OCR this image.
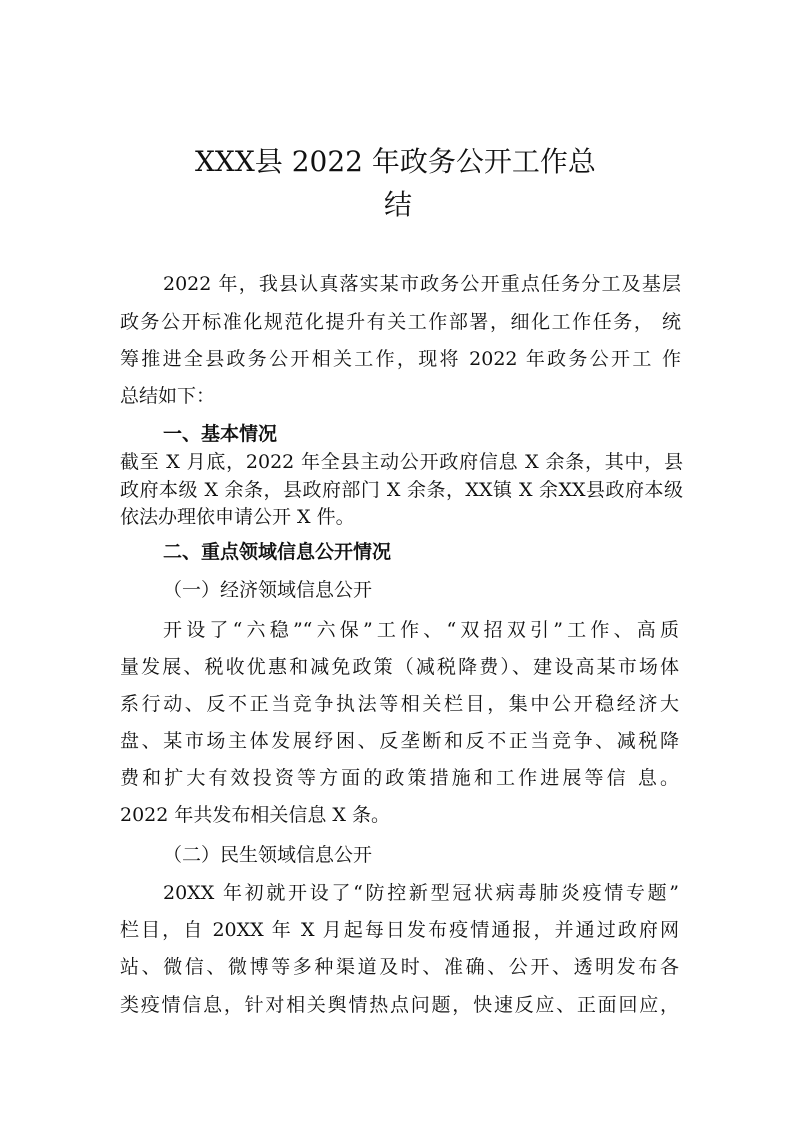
XXX县 2022 年政务公开工作总
结
2022 年，我县认真落实某市政务公开重点任务分工及基层
政务公开标准化规范化提升有关工作部署，细化工作任务， 统
筹推进全县政务公开相关工作，现将 2022 年政务公开工 作
总结如下：
一、基本情况
截至 X 月底，2022 年全县主动公开政府信息 X 余条，其中，县
政府本级 X 余条，县政府部门 X 余条，XX镇 X 余XX县政府本级
依法办理依申请公开 X 件。
二、重点领域信息公开情况
（一）经济领域信息公开
开设了“六稳”“六保”工作、“双招双引”工作、高质
量发展、税收优惠和减免政策（减税降费）、建设高某市场体
系行动、反不正当竞争执法等相关栏目，集中公开稳经济大
盘、某市场主体发展纾困、反垄断和反不正当竞争、减税降
费和扩大有效投资等方面的政策措施和工作进展等信 息。
2022 年共发布相关信息 X 条。
（二）民生领域信息公开
20XX 年初就开设了“防控新型冠状病毒肺炎疫情专题”
栏目，自 20XX 年 X 月起每日发布疫情通报，并通过政府网
站、微信、微博等多种渠道及时、准确、公开、透明发布各
类疫情信息，针对相关舆情热点问题，快速反应、正面回应，
